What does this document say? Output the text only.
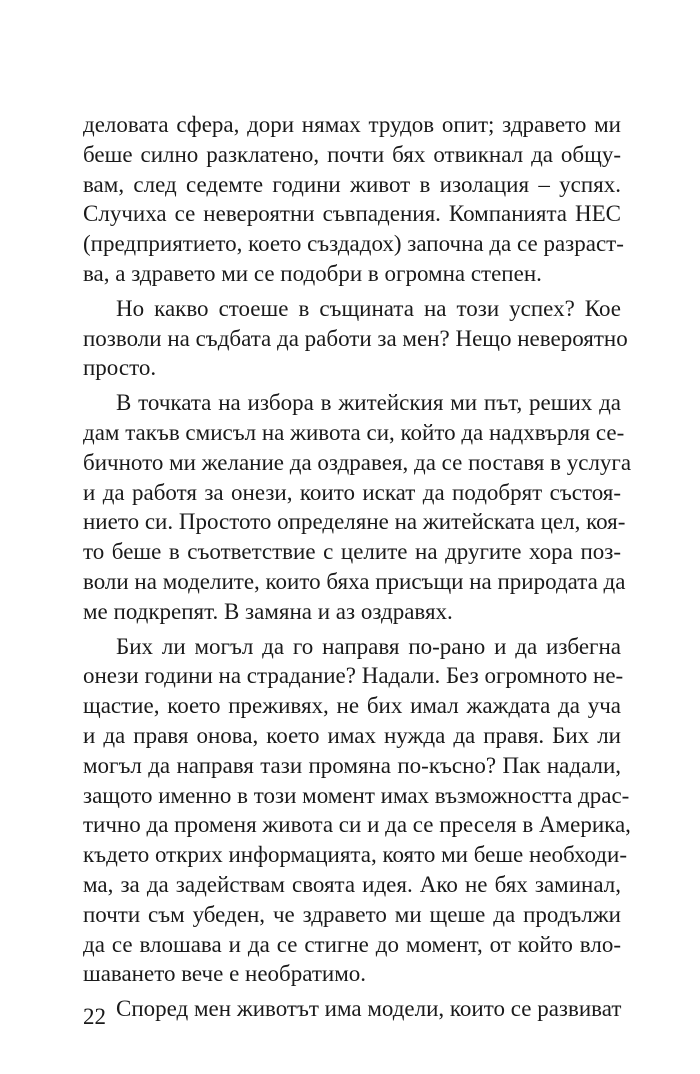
деловата сфера, дори нямах трудов опит; здравето ми
беше силно разклатено, почти бях отвикнал да общу-
вам, след седемте години живот в изолация – успях.
Случиха се невероятни съвпадения. Компанията НЕС
(предприятието, което създадох) започна да се разраст-
ва, а здравето ми се подобри в огромна степен.
Но какво стоеше в същината на този успех? Кое
позволи на съдбата да работи за мен? Нещо невероятно
просто.
В точката на избора в житейския ми път, реших да
дам такъв смисъл на живота си, който да надхвърля се-
бичното ми желание да оздравея, да се поставя в услуга
и да работя за онези, които искат да подобрят състоя-
нието си. Простото определяне на житейската цел, коя-
то беше в съответствие с целите на другите хора поз-
воли на моделите, които бяха присъщи на природата да
ме подкрепят. В замяна и аз оздравях.
Бих ли могъл да го направя по-рано и да избегна
онези години на страдание? Надали. Без огромното не-
щастие, което преживях, не бих имал жаждата да уча
и да правя онова, което имах нужда да правя. Бих ли
могъл да направя тази промяна по-късно? Пак надали,
защото именно в този момент имах възможността драс-
тично да променя живота си и да се преселя в Америка,
където открих информацията, която ми беше необходи-
ма, за да задействам своята идея. Ако не бях заминал,
почти съм убеден, че здравето ми щеше да продължи
да се влошава и да се стигне до момент, от който вло-
шаването вече е необратимо.
Според мен животът има модели, които се развиват
22
